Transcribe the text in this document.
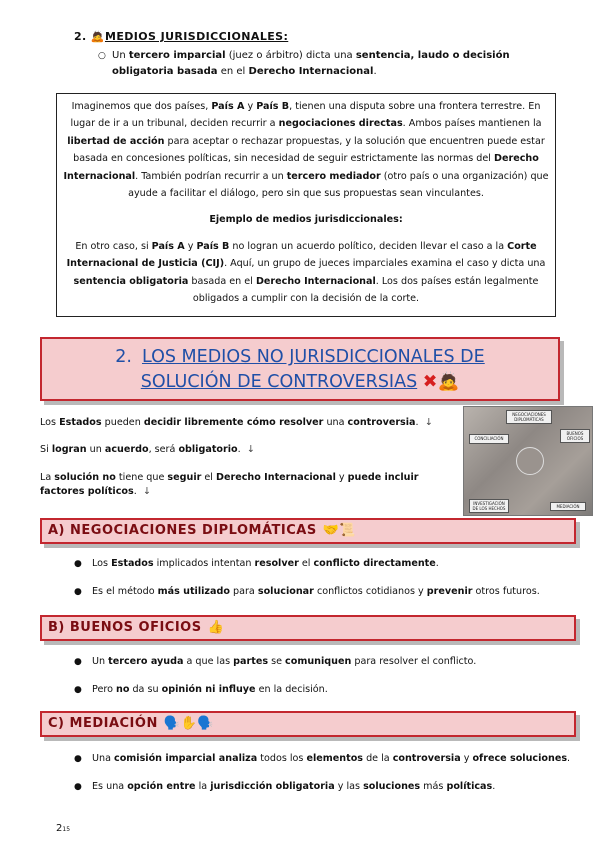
2. 🙇MEDIOS JURISDICCIONALES:
○ Un tercero imparcial (juez o árbitro) dicta una sentencia, laudo o decisión obligatoria basada en el Derecho Internacional.

Imaginemos que dos países, País A y País B, tienen una disputa sobre una frontera terrestre. En lugar de ir a un tribunal, deciden recurrir a negociaciones directas. Ambos países mantienen la libertad de acción para aceptar o rechazar propuestas, y la solución que encuentren puede estar basada en concesiones políticas, sin necesidad de seguir estrictamente las normas del Derecho Internacional. También podrían recurrir a un tercero mediador (otro país o una organización) que ayude a facilitar el diálogo, pero sin que sus propuestas sean vinculantes.

Ejemplo de medios jurisdiccionales:

En otro caso, si País A y País B no logran un acuerdo político, deciden llevar el caso a la Corte Internacional de Justicia (CIJ). Aquí, un grupo de jueces imparciales examina el caso y dicta una sentencia obligatoria basada en el Derecho Internacional. Los dos países están legalmente obligados a cumplir con la decisión de la corte.

2. LOS MEDIOS NO JURISDICCIONALES DE
SOLUCIÓN DE CONTROVERSIAS ✖🙇
Los Estados pueden decidir libremente cómo resolver una controversia. ↓
Si logran un acuerdo, será obligatorio. ↓
La solución no tiene que seguir el Derecho Internacional y puede incluir factores políticos. ↓
NEGOCIACIONES DIPLOMÁTICAS
CONCILIACIÓN
BUENOS OFICIOS
INVESTIGACIÓN DE LOS HECHOS	MEDIACIÓN
A) NEGOCIACIONES DIPLOMÁTICAS 🤝📜
● Los Estados implicados intentan resolver el conflicto directamente.
● Es el método más utilizado para solucionar conflictos cotidianos y prevenir otros futuros.
B) BUENOS OFICIOS 👍
● Un tercero ayuda a que las partes se comuniquen para resolver el conflicto.
● Pero no da su opinión ni influye en la decisión.
C) MEDIACIÓN 🗣️✋🗣️
● Una comisión imparcial analiza todos los elementos de la controversia y ofrece soluciones.
● Es una opción entre la jurisdicción obligatoria y las soluciones más políticas.
215
